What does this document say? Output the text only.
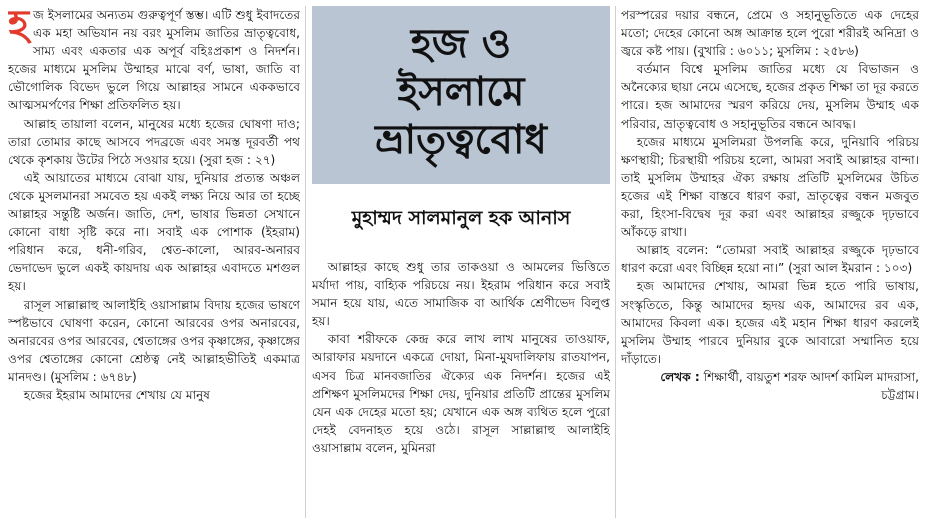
হজ ইসলামের অন্যতম গুরুত্বপূর্ণ স্তম্ভ। এটি শুধু ইবাদতের এক মহা অভিযান নয় বরং মুসলিম জাতির ভ্রাতৃত্ববোধ, সাম্য এবং একতার এক অপূর্ব বহিঃপ্রকাশ ও নিদর্শন। হজের মাধ্যমে মুসলিম উম্মাহর মাঝে বর্ণ, ভাষা, জাতি বা ভৌগোলিক বিভেদ ভুলে গিয়ে আল্লাহর সামনে এককভাবে আত্মসমর্পণের শিক্ষা প্রতিফলিত হয়।

আল্লাহ তায়ালা বলেন, মানুষের মধ্যে হজের ঘোষণা দাও; তারা তোমার কাছে আসবে পদব্রজে এবং সমস্ত দূরবর্তী পথ থেকে কৃশকায় উটের পিঠে সওয়ার হয়ে। (সুরা হজ : ২৭)

এই আয়াতের মাধ্যমে বোঝা যায়, দুনিয়ার প্রত্যন্ত অঞ্চল থেকে মুসলমানরা সমবেত হয় একই লক্ষ্য নিয়ে আর তা হচ্ছে আল্লাহর সন্তুষ্টি অর্জন। জাতি, দেশ, ভাষার ভিন্নতা সেখানে কোনো বাধা সৃষ্টি করে না। সবাই এক পোশাক (ইহরাম) পরিধান করে, ধনী-গরিব, শ্বেত-কালো, আরব-অনারব ভেদাভেদ ভুলে একই কায়দায় এক আল্লাহর এবাদতে মশগুল হয়।

রাসূল সাল্লাল্লাহু আলাইহি ওয়াসাল্লাম বিদায় হজের ভাষণে স্পষ্টভাবে ঘোষণা করেন, কোনো আরবের ওপর অনারবের, অনারবের ওপর আরবের, শ্বেতাঙ্গের ওপর কৃষ্ণাঙ্গের, কৃষ্ণাঙ্গের ওপর শ্বেতাঙ্গের কোনো শ্রেষ্ঠত্ব নেই আল্লাহভীতিই একমাত্র মানদণ্ড। (মুসলিম : ৬৭৪৮)

হজের ইহরাম আমাদের শেখায় যে মানুষ

হজ ও
ইসলামে
ভ্রাতৃত্ববোধ
মুহাম্মদ সালমানুল হক আনাস

আল্লাহর কাছে শুধু তার তাকওয়া ও আমলের ভিত্তিতে মর্যাদা পায়, বাহ্যিক পরিচয়ে নয়। ইহরাম পরিধান করে সবাই সমান হয়ে যায়, এতে সামাজিক বা আর্থিক শ্রেণীভেদ বিলুপ্ত হয়।

কাবা শরীফকে কেন্দ্র করে লাখ লাখ মানুষের তাওয়াফ, আরাফার ময়দানে একত্রে দোয়া, মিনা-মুযদালিফায় রাতযাপন, এসব চিত্র মানবজাতির ঐক্যের এক নিদর্শন। হজের এই প্রশিক্ষণ মুসলিমদের শিক্ষা দেয়, দুনিয়ার প্রতিটি প্রান্তের মুসলিম যেন এক দেহের মতো হয়; যেখানে এক অঙ্গ ব্যথিত হলে পুরো দেহই বেদনাহত হয়ে ওঠে। রাসূল সাল্লাল্লাহু আলাইহি ওয়াসাল্লাম বলেন, মুমিনরা

পরস্পরের দয়ার বন্ধনে, প্রেমে ও সহানুভূতিতে এক দেহের মতো; দেহের কোনো অঙ্গ আক্রান্ত হলে পুরো শরীরই অনিদ্রা ও জ্বরে কষ্ট পায়। (বুখারি : ৬০১১; মুসলিম : ২৫৮৬)

বর্তমান বিশ্বে মুসলিম জাতির মধ্যে যে বিভাজন ও অনৈক্যের ছায়া নেমে এসেছে, হজের প্রকৃত শিক্ষা তা দূর করতে পারে। হজ আমাদের স্মরণ করিয়ে দেয়, মুসলিম উম্মাহ এক পরিবার, ভ্রাতৃত্ববোধ ও সহানুভূতির বন্ধনে আবদ্ধ।

হজের মাধ্যমে মুসলিমরা উপলব্ধি করে, দুনিয়াবি পরিচয় ক্ষণস্থায়ী; চিরস্থায়ী পরিচয় হলো, আমরা সবাই আল্লাহর বান্দা। তাই মুসলিম উম্মাহর ঐক্য রক্ষায় প্রতিটি মুসলিমের উচিত হজের এই শিক্ষা বাস্তবে ধারণ করা, ভ্রাতৃত্বের বন্ধন মজবুত করা, হিংসা-বিদ্বেষ দূর করা এবং আল্লাহর রজ্জুকে দৃঢ়ভাবে আঁকড়ে রাখা।

আল্লাহ বলেন: “তোমরা সবাই আল্লাহর রজ্জুকে দৃঢ়ভাবে ধারণ করো এবং বিচ্ছিন্ন হয়ো না।” (সুরা আল ইমরান : ১০৩)

হজ আমাদের শেখায়, আমরা ভিন্ন হতে পারি ভাষায়, সংস্কৃতিতে, কিন্তু আমাদের হৃদয় এক, আমাদের রব এক, আমাদের কিবলা এক। হজের এই মহান শিক্ষা ধারণ করলেই মুসলিম উম্মাহ পারবে দুনিয়ার বুকে আবারো সম্মানিত হয়ে দাঁড়াতে।

লেখক : শিক্ষার্থী, বায়তুশ শরফ আদর্শ কামিল মাদরাসা, চট্টগ্রাম।
